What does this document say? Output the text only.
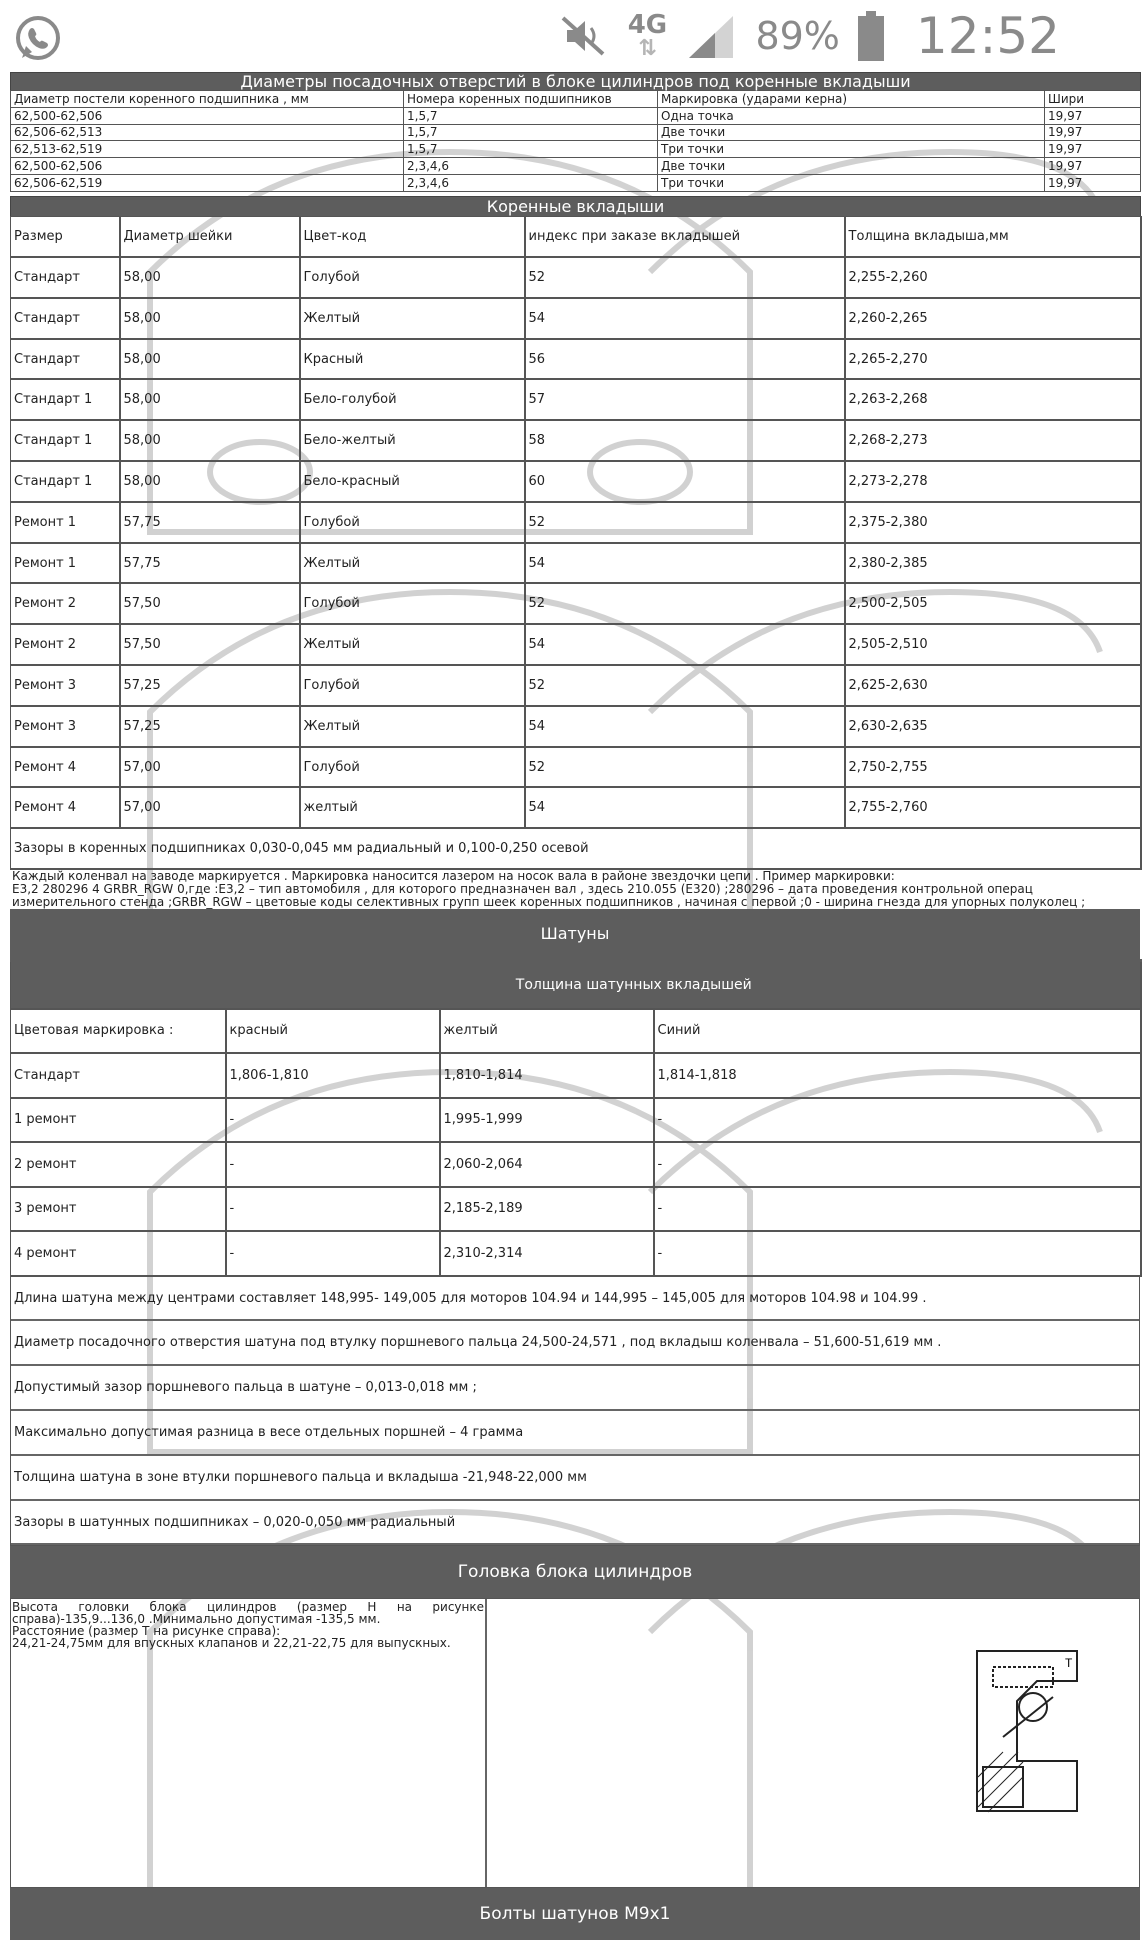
4G
⇅	89% 12:52
Диаметры посадочных отверстий в блоке цилиндров под коренные вкладыши			
Диаметр постели коренного подшипника , мм	Номера коренных подшипников	Маркировка (ударами керна)	Шири
62,500-62,506	1,5,7	Одна точка	19,97
62,506-62,513	1,5,7	Две точки	19,97
62,513-62,519	1,5,7	Три точки	19,97
62,500-62,506	2,3,4,6	Две точки	19,97
62,506-62,519	2,3,4,6	Три точки	19,97
Коренные вкладыши				
Размер	Диаметр шейки	Цвет-код	индекс при заказе вкладышей	Толщина вкладыша,мм
Стандарт	58,00	Голубой	52	2,255-2,260
Стандарт	58,00	Желтый	54	2,260-2,265
Стандарт	58,00	Красный	56	2,265-2,270
Стандарт 1	58,00	Бело-голубой	57	2,263-2,268
Стандарт 1	58,00	Бело-желтый	58	2,268-2,273
Стандарт 1	58,00	Бело-красный	60	2,273-2,278
Ремонт 1	57,75	Голубой	52	2,375-2,380
Ремонт 1	57,75	Желтый	54	2,380-2,385
Ремонт 2	57,50	Голубой	52	2,500-2,505
Ремонт 2	57,50	Желтый	54	2,505-2,510
Ремонт 3	57,25	Голубой	52	2,625-2,630
Ремонт 3	57,25	Желтый	54	2,630-2,635
Ремонт 4	57,00	Голубой	52	2,750-2,755
Ремонт 4	57,00	желтый	54	2,755-2,760
Зазоры в коренных подшипниках 0,030-0,045 мм радиальный и 0,100-0,250 осевой				
Каждый коленвал на заводе маркируется . Маркировка наносится лазером на носок вала в районе звездочки цепи . Пример маркировки:
Е3,2 280296 4 GRBR_RGW 0,где :Е3,2 – тип автомобиля , для которого предназначен вал , здесь 210.055 (Е320) ;280296 – дата проведения контрольной операц
измерительного стенда ;GRBR_RGW – цветовые коды селективных групп шеек коренных подшипников , начиная с первой ;0 - ширина гнезда для упорных полуколец ;
Шатуны
Толщина шатунных вкладышей			
Цветовая маркировка :	красный	желтый	Синий
Стандарт	1,806-1,810	1,810-1,814	1,814-1,818
1 ремонт	-	1,995-1,999	-
2 ремонт	-	2,060-2,064	-
3 ремонт	-	2,185-2,189	-
4 ремонт	-	2,310-2,314	-
Длина шатуна между центрами составляет 148,995- 149,005 для моторов 104.94 и 144,995 – 145,005 для моторов 104.98 и 104.99 .
Диаметр посадочного отверстия шатуна под втулку поршневого пальца 24,500-24,571 , под вкладыш коленвала – 51,600-51,619 мм .
Допустимый зазор поршневого пальца в шатуне – 0,013-0,018 мм ;
Максимально допустимая разница в весе отдельных поршней – 4 грамма
Толщина шатуна в зоне втулки поршневого пальца и вкладыша -21,948-22,000 мм
Зазоры в шатунных подшипниках – 0,020-0,050 мм радиальный
Головка блока цилиндров

Высота головки блока цилиндров (размер H на рисунке справа)-135,9...136,0 .Минимально допустимая -135,5 мм.

Расстояние (размер T на рисунке справа):

24,21-24,75мм для впускных клапанов и 22,21-22,75 для выпускных.

T
Болты шатунов M9x1
